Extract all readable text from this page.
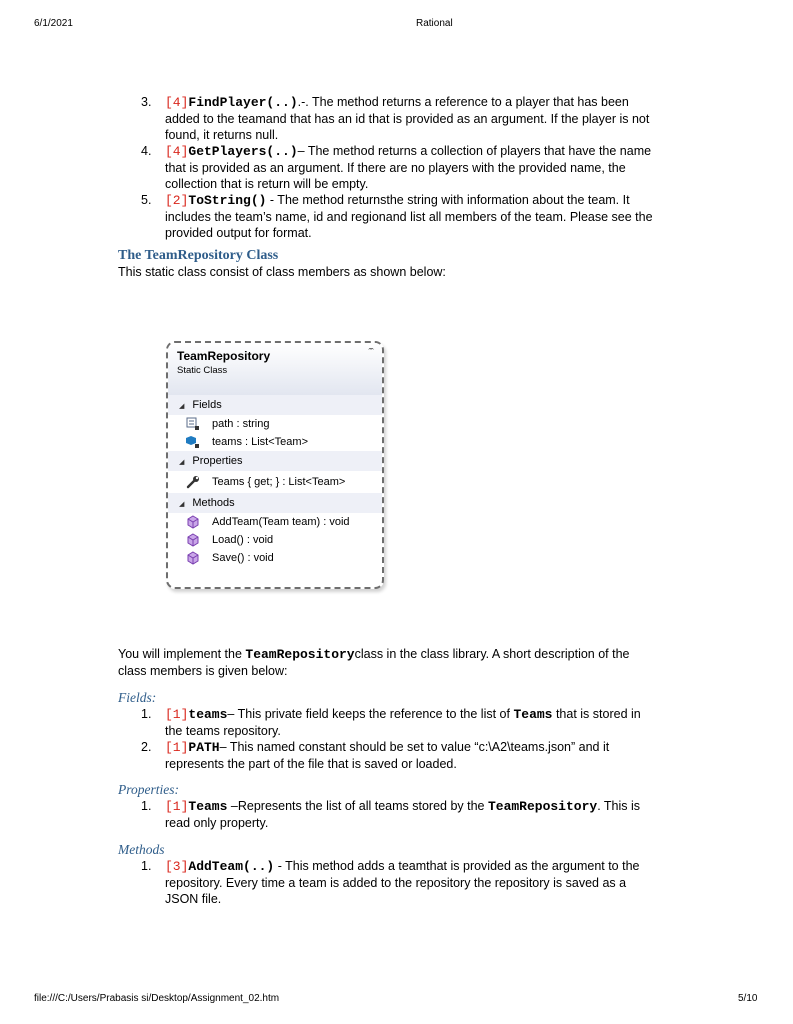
6/1/2021	Rational
file:///C:/Users/Prabasis si/Desktop/Assignment_02.htm	5/10
3. [4]FindPlayer(..).-. The method returns a reference to a player that has been
added to the teamand that has an id that is provided as an argument. If the player is not
found, it returns null.
4. [4]GetPlayers(..)– The method returns a collection of players that have the name
that is provided as an argument. If there are no players with the provided name, the
collection that is return will be empty.
5. [2]ToString() - The method returnsthe string with information about the team. It
includes the team’s name, id and regionand list all members of the team. Please see the
provided output for format.
The TeamRepository Class

This static class consist of class members as shown below:

TeamRepository
Static Class
ˆ̂
◢ Fields
path : string
teams : List<Team>
◢ Properties
Teams { get; } : List<Team>
◢ Methods
AddTeam(Team team) : void
Load() : void
Save() : void

You will implement the TeamRepositoryclass in the class library. A short description of the

class members is given below:

Fields:

1. [1]teams– This private field keeps the reference to the list of Teams that is stored in
the teams repository.
2. [1]PATH– This named constant should be set to value “c:\A2\teams.json” and it
represents the part of the file that is saved or loaded.

Properties:

1. [1]Teams –Represents the list of all teams stored by the TeamRepository. This is
read only property.

Methods

1. [3]AddTeam(..) - This method adds a teamthat is provided as the argument to the
repository. Every time a team is added to the repository the repository is saved as a
JSON file.
